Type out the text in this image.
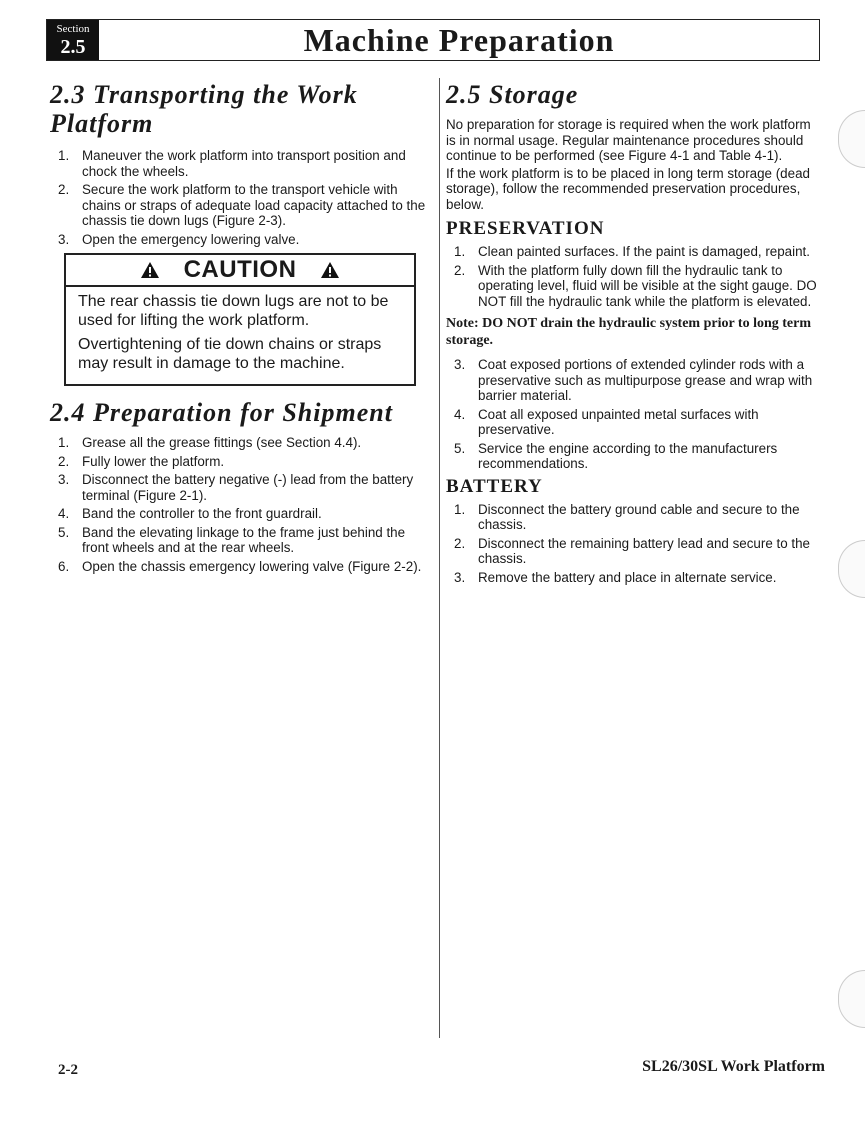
Section
2.5	Machine Preparation
2.3 Transporting the Work Platform
1. Maneuver the work platform into transport position and chock the wheels.
2. Secure the work platform to the transport vehicle with chains or straps of adequate load capacity attached to the chassis tie down lugs (Figure 2-3).
3. Open the emergency lowering valve.
CAUTION

The rear chassis tie down lugs are not to be used for lifting the work platform.

Overtightening of tie down chains or straps may result in damage to the machine.

2.4 Preparation for Shipment
1. Grease all the grease fittings (see Section 4.4).
2. Fully lower the platform.
3. Disconnect the battery negative (-) lead from the battery terminal (Figure 2-1).
4. Band the controller to the front guardrail.
5. Band the elevating linkage to the frame just behind the front wheels and at the rear wheels.
6. Open the chassis emergency lowering valve (Figure 2-2).
2.5 Storage

No preparation for storage is required when the work platform is in normal usage. Regular maintenance procedures should continue to be performed (see Figure 4-1 and Table 4-1).

If the work platform is to be placed in long term storage (dead storage), follow the recommended preservation procedures, below.

PRESERVATION
1. Clean painted surfaces. If the paint is damaged, repaint.
2. With the platform fully down fill the hydraulic tank to operating level, fluid will be visible at the sight gauge. DO NOT fill the hydraulic tank while the platform is elevated.

Note: DO NOT drain the hydraulic system prior to long term storage.

3. Coat exposed portions of extended cylinder rods with a preservative such as multipurpose grease and wrap with barrier material.
4. Coat all exposed unpainted metal surfaces with preservative.
5. Service the engine according to the manufacturers recommendations.
BATTERY
1. Disconnect the battery ground cable and secure to the chassis.
2. Disconnect the remaining battery lead and secure to the chassis.
3. Remove the battery and place in alternate service.
2-2	SL26/30SL Work Platform
